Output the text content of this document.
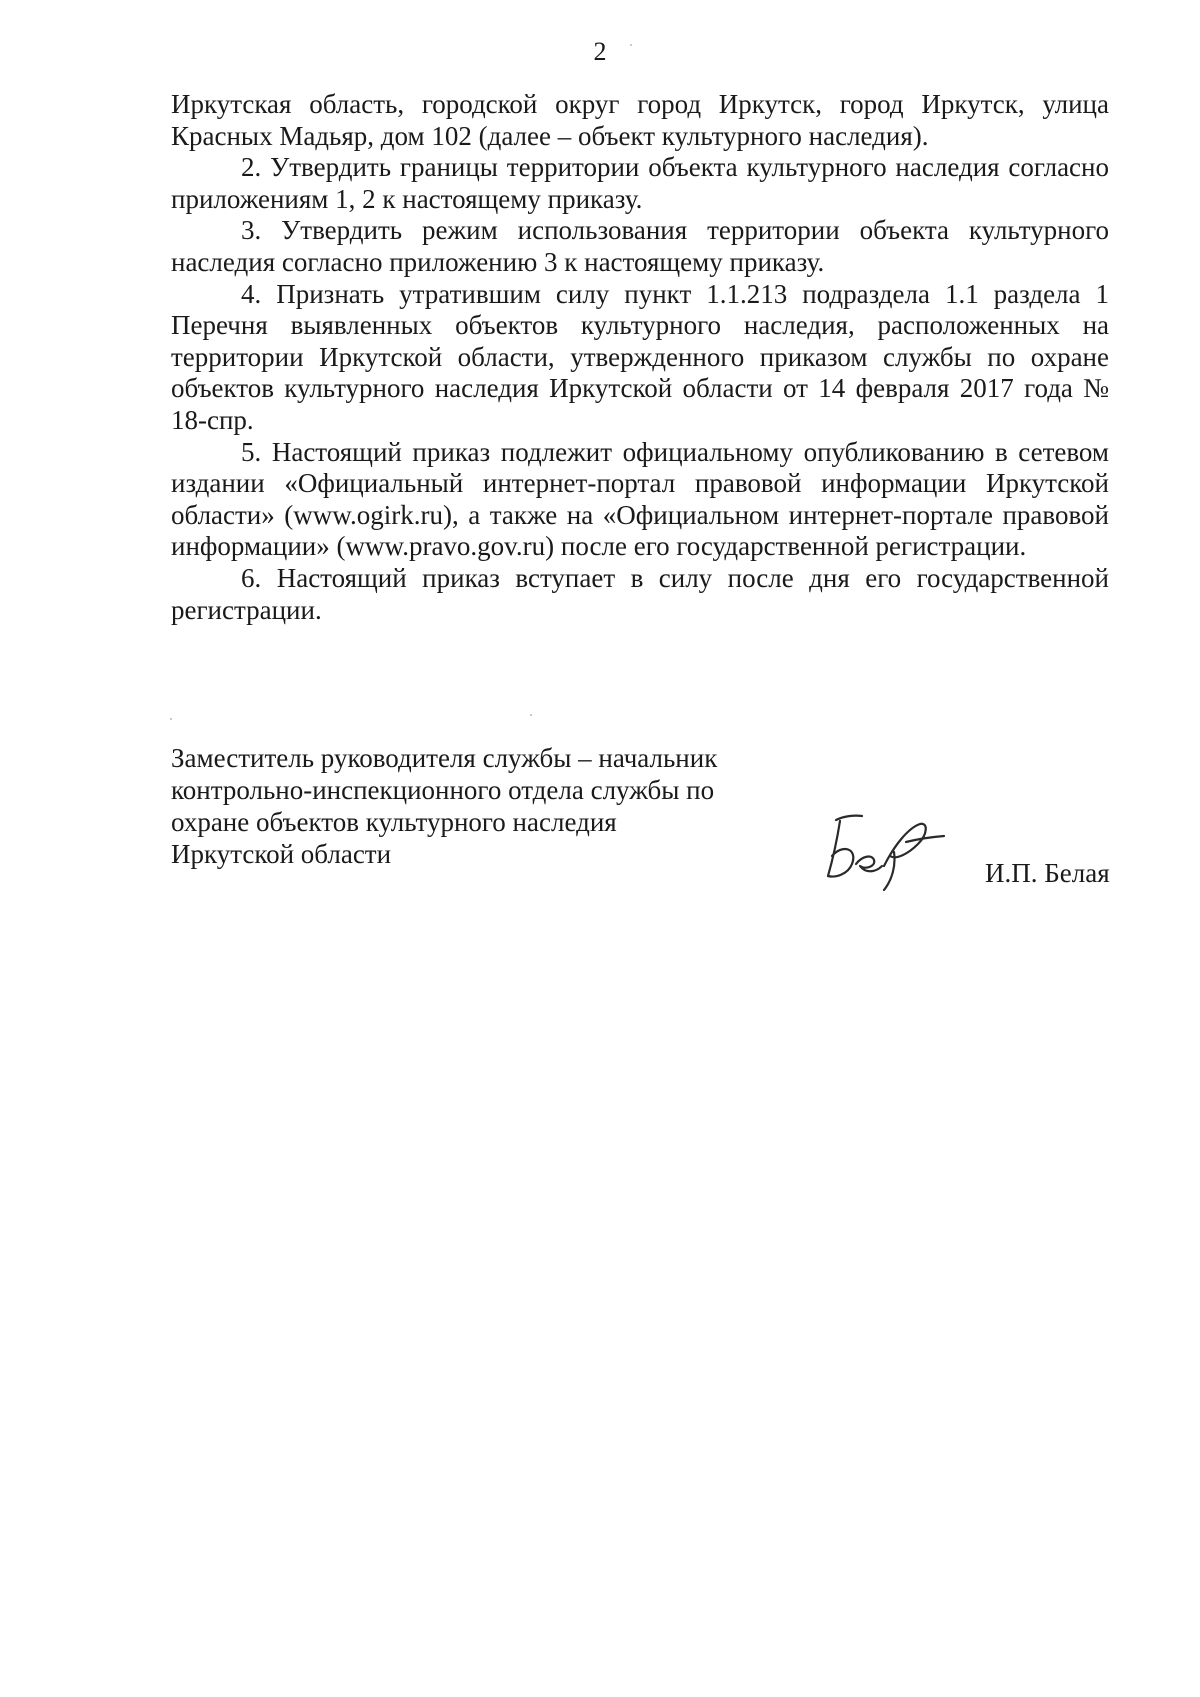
2

Иркутская область, городской округ город Иркутск, город Иркутск, улица Красных Мадьяр, дом 102 (далее – объект культурного наследия).

2. Утвердить границы территории объекта культурного наследия согласно приложениям 1, 2 к настоящему приказу.

3. Утвердить режим использования территории объекта культурного наследия согласно приложению 3 к настоящему приказу.

4. Признать утратившим силу пункт 1.1.213 подраздела 1.1 раздела 1 Перечня выявленных объектов культурного наследия, расположенных на территории Иркутской области, утвержденного приказом службы по охране объектов культурного наследия Иркутской области от 14 февраля 2017 года № 18-спр.

5. Настоящий приказ подлежит официальному опубликованию в сетевом издании «Официальный интернет-портал правовой информации Иркутской области» (www.ogirk.ru), а также на «Официальном интернет-портале правовой информации» (www.pravo.gov.ru) после его государственной регистрации.

6. Настоящий приказ вступает в силу после дня его государственной регистрации.

Заместитель руководителя службы – начальник
контрольно-инспекционного отдела службы по
охране объектов культурного наследия
Иркутской области
И.П. Белая
